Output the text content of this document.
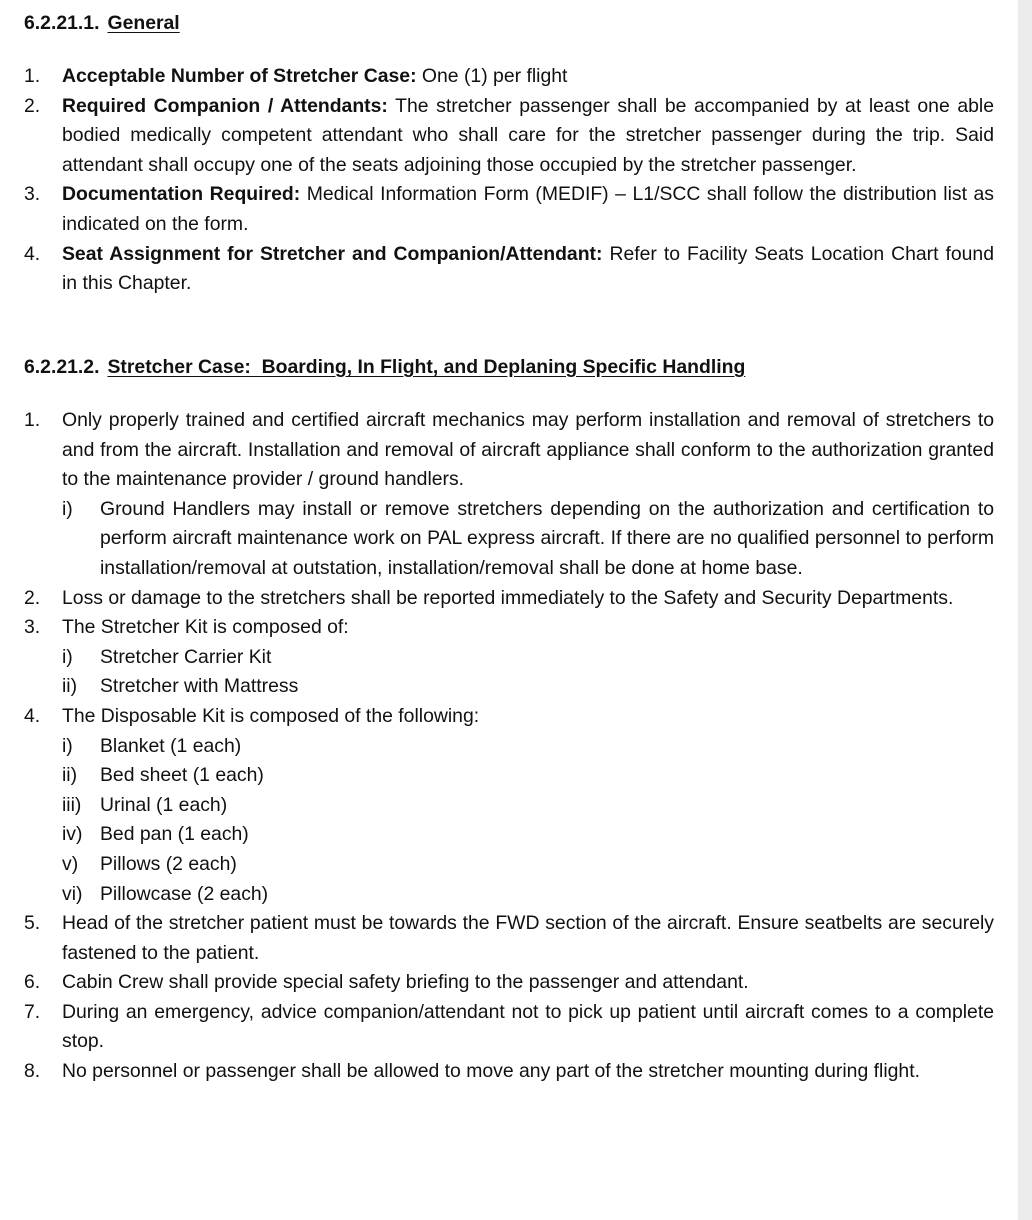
6.2.21.1. General
1. Acceptable Number of Stretcher Case: One (1) per flight
2. Required Companion / Attendants: The stretcher passenger shall be accompanied by at least one able bodied medically competent attendant who shall care for the stretcher passenger during the trip. Said attendant shall occupy one of the seats adjoining those occupied by the stretcher passenger.
3. Documentation Required: Medical Information Form (MEDIF) – L1/SCC shall follow the distribution list as indicated on the form.
4. Seat Assignment for Stretcher and Companion/Attendant: Refer to Facility Seats Location Chart found in this Chapter.
6.2.21.2. Stretcher Case:  Boarding, In Flight, and Deplaning Specific Handling
1. Only properly trained and certified aircraft mechanics may perform installation and removal of stretchers to and from the aircraft. Installation and removal of aircraft appliance shall conform to the authorization granted to the maintenance provider / ground handlers.
i) Ground Handlers may install or remove stretchers depending on the authorization and certification to perform aircraft maintenance work on PAL express aircraft. If there are no qualified personnel to perform installation/removal at outstation, installation/removal shall be done at home base.
2. Loss or damage to the stretchers shall be reported immediately to the Safety and Security Departments.
3. The Stretcher Kit is composed of:
i) Stretcher Carrier Kit
ii) Stretcher with Mattress
4. The Disposable Kit is composed of the following:
i) Blanket (1 each)
ii) Bed sheet (1 each)
iii) Urinal (1 each)
iv) Bed pan (1 each)
v) Pillows (2 each)
vi) Pillowcase (2 each)
5. Head of the stretcher patient must be towards the FWD section of the aircraft. Ensure seatbelts are securely fastened to the patient.
6. Cabin Crew shall provide special safety briefing to the passenger and attendant.
7. During an emergency, advice companion/attendant not to pick up patient until aircraft comes to a complete stop.
8. No personnel or passenger shall be allowed to move any part of the stretcher mounting during flight.
